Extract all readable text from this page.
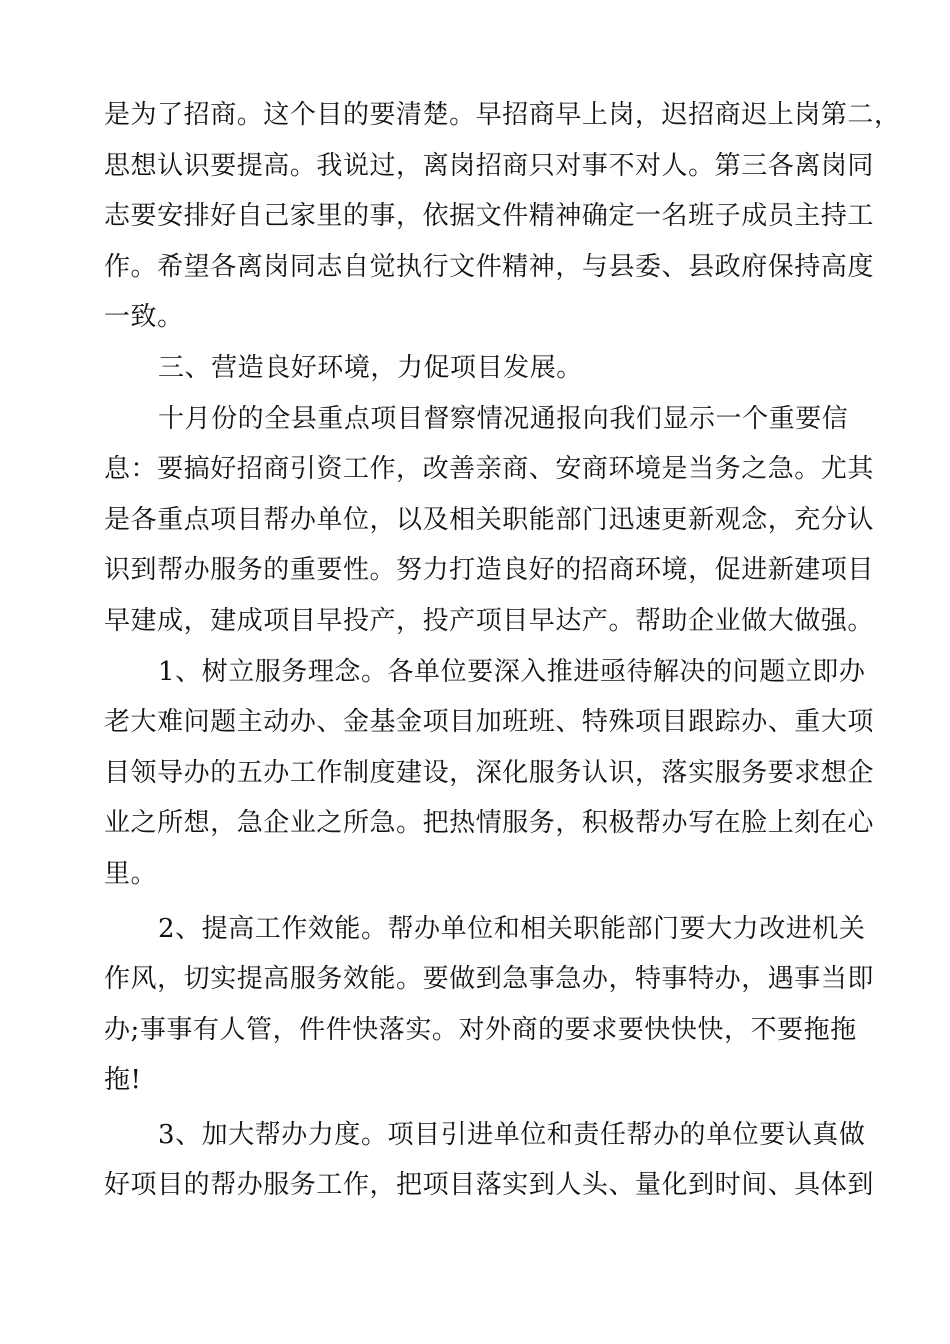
是为了招商。这个目的要清楚。早招商早上岗，迟招商迟上岗第二，
思想认识要提高。我说过，离岗招商只对事不对人。第三各离岗同
志要安排好自己家里的事，依据文件精神确定一名班子成员主持工
作。希望各离岗同志自觉执行文件精神，与县委、县政府保持高度
一致。
三、营造良好环境，力促项目发展。
十月份的全县重点项目督察情况通报向我们显示一个重要信
息：要搞好招商引资工作，改善亲商、安商环境是当务之急。尤其
是各重点项目帮办单位，以及相关职能部门迅速更新观念，充分认
识到帮办服务的重要性。努力打造良好的招商环境，促进新建项目
早建成，建成项目早投产，投产项目早达产。帮助企业做大做强。
1、树立服务理念。各单位要深入推进亟待解决的问题立即办
老大难问题主动办、金基金项目加班班、特殊项目跟踪办、重大项
目领导办的五办工作制度建设，深化服务认识，落实服务要求想企
业之所想，急企业之所急。把热情服务，积极帮办写在脸上刻在心
里。
2、提高工作效能。帮办单位和相关职能部门要大力改进机关
作风，切实提高服务效能。要做到急事急办，特事特办，遇事当即
办;事事有人管，件件快落实。对外商的要求要快快快，不要拖拖
拖!
3、加大帮办力度。项目引进单位和责任帮办的单位要认真做
好项目的帮办服务工作，把项目落实到人头、量化到时间、具体到
